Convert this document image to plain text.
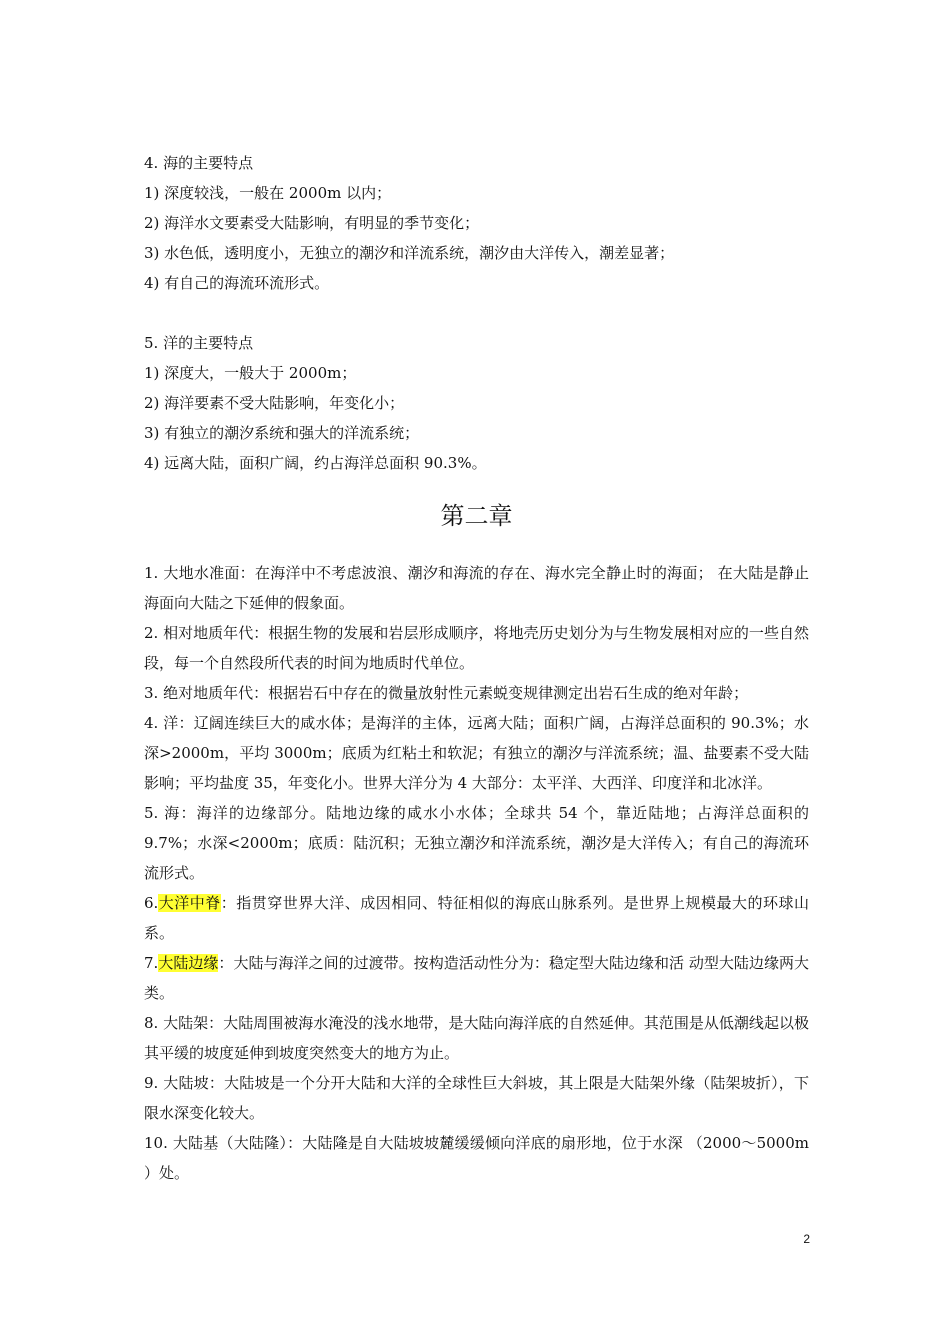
4. 海的主要特点
1) 深度较浅，一般在 2000m 以内；
2) 海洋水文要素受大陆影响，有明显的季节变化；
3) 水色低，透明度小，无独立的潮汐和洋流系统，潮汐由大洋传入，潮差显著；
4) 有自己的海流环流形式。
5. 洋的主要特点
1) 深度大，一般大于 2000m；
2) 海洋要素不受大陆影响，年变化小；
3) 有独立的潮汐系统和强大的洋流系统；
4) 远离大陆，面积广阔，约占海洋总面积 90.3%。
第二章

1. 大地水准面：在海洋中不考虑波浪、潮汐和海流的存在、海水完全静止时的海面； 在大陆是静止海面向大陆之下延伸的假象面。

2. 相对地质年代：根据生物的发展和岩层形成顺序，将地壳历史划分为与生物发展相对应的一些自然段，每一个自然段所代表的时间为地质时代单位。

3. 绝对地质年代：根据岩石中存在的微量放射性元素蜕变规律测定出岩石生成的绝对年龄；

4. 洋：辽阔连续巨大的咸水体；是海洋的主体，远离大陆；面积广阔，占海洋总面积的 90.3%；水深>2000m，平均 3000m；底质为红粘土和软泥；有独立的潮汐与洋流系统；温、盐要素不受大陆影响；平均盐度 35，年变化小。世界大洋分为 4 大部分：太平洋、大西洋、印度洋和北冰洋。

5. 海：海洋的边缘部分。陆地边缘的咸水小水体；全球共 54 个，靠近陆地；占海洋总面积的 9.7%；水深<2000m；底质：陆沉积；无独立潮汐和洋流系统，潮汐是大洋传入；有自己的海流环流形式。

6.大洋中脊：指贯穿世界大洋、成因相同、特征相似的海底山脉系列。是世界上规模最大的环球山系。

7.大陆边缘：大陆与海洋之间的过渡带。按构造活动性分为：稳定型大陆边缘和活 动型大陆边缘两大类。

8. 大陆架：大陆周围被海水淹没的浅水地带，是大陆向海洋底的自然延伸。其范围是从低潮线起以极其平缓的坡度延伸到坡度突然变大的地方为止。

9. 大陆坡：大陆坡是一个分开大陆和大洋的全球性巨大斜坡，其上限是大陆架外缘（陆架坡折），下限水深变化较大。

10. 大陆基（大陆隆）：大陆隆是自大陆坡坡麓缓缓倾向洋底的扇形地，位于水深 （2000～5000m ）处。

2
